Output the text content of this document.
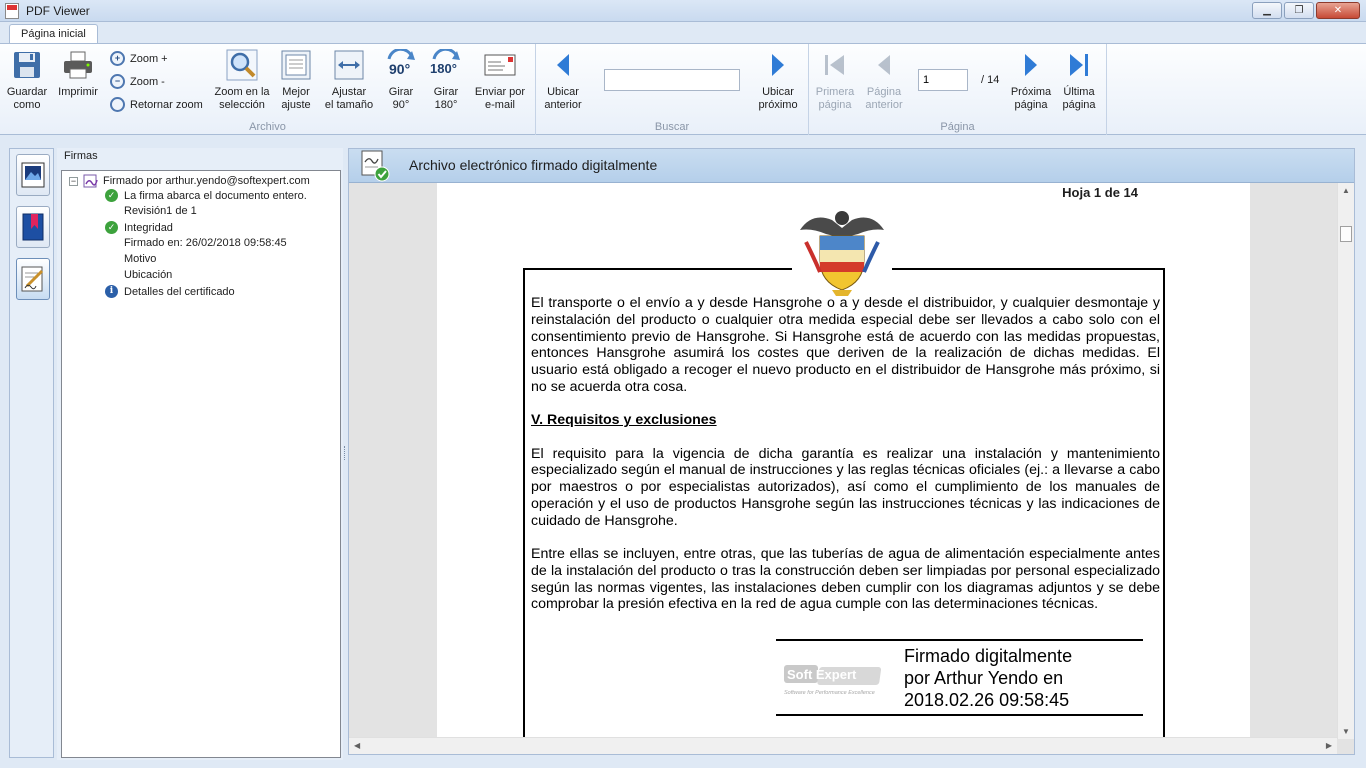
PDF Viewer	▁ ❐	✕
Página inicial
Guardar
como
Imprimir
+ Zoom +
− Zoom -
Retornar zoom
Zoom en la
selección
Mejor
ajuste
Ajustar
el tamaño
90°
Girar
90°
180°
Girar
180°
Enviar por
e-mail
Archivo
Ubicar
anterior
Ubicar
próximo
Buscar
Primera
página
Página
anterior
Próxima
página
Última
página
Página
1
/ 14
Firmas
− Firmado por arthur.yendo@softexpert.com
✓ La firma abarca el documento entero.
Revisión1 de 1
✓ Integridad
Firmado en: 26/02/2018 09:58:45
Motivo
Ubicación
i Detalles del certificado
Archivo electrónico firmado digitalmente
Hoja 1 de 14

El transporte o el envío a y desde Hansgrohe o a y desde el distribuidor, y cualquier desmontaje y reinstalación del producto o cualquier otra medida especial debe ser llevados a cabo solo con el consentimiento previo de Hansgrohe. Si Hansgrohe está de acuerdo con las medidas propuestas, entonces Hansgrohe asumirá los costes que deriven de la realización de dichas medidas. El usuario está obligado a recoger el nuevo producto en el distribuidor de Hansgrohe más próximo, si no se acuerda otra cosa.

V. Requisitos y exclusiones

El requisito para la vigencia de dicha garantía es realizar una instalación y mantenimiento especializado según el manual de instrucciones y las reglas técnicas oficiales (ej.: a llevarse a cabo por maestros o por especialistas autorizados), así como el cumplimiento de los manuales de operación y el uso de productos Hansgrohe según las instrucciones técnicas y las indicaciones de cuidado de Hansgrohe.

Entre ellas se incluyen, entre otras, que las tuberías de agua de alimentación especialmente antes de la instalación del producto o tras la construcción deben ser limpiadas por personal especializado según las normas vigentes, las instalaciones deben cumplir con los diagramas adjuntos y se debe comprobar la presión efectiva en la red de agua cumple con las determinaciones técnicas.

Soft Expert
Software for Performance Excellence
Firmado digitalmente
por Arthur Yendo en
2018.02.26 09:58:45
▲
▼
◀	▶
